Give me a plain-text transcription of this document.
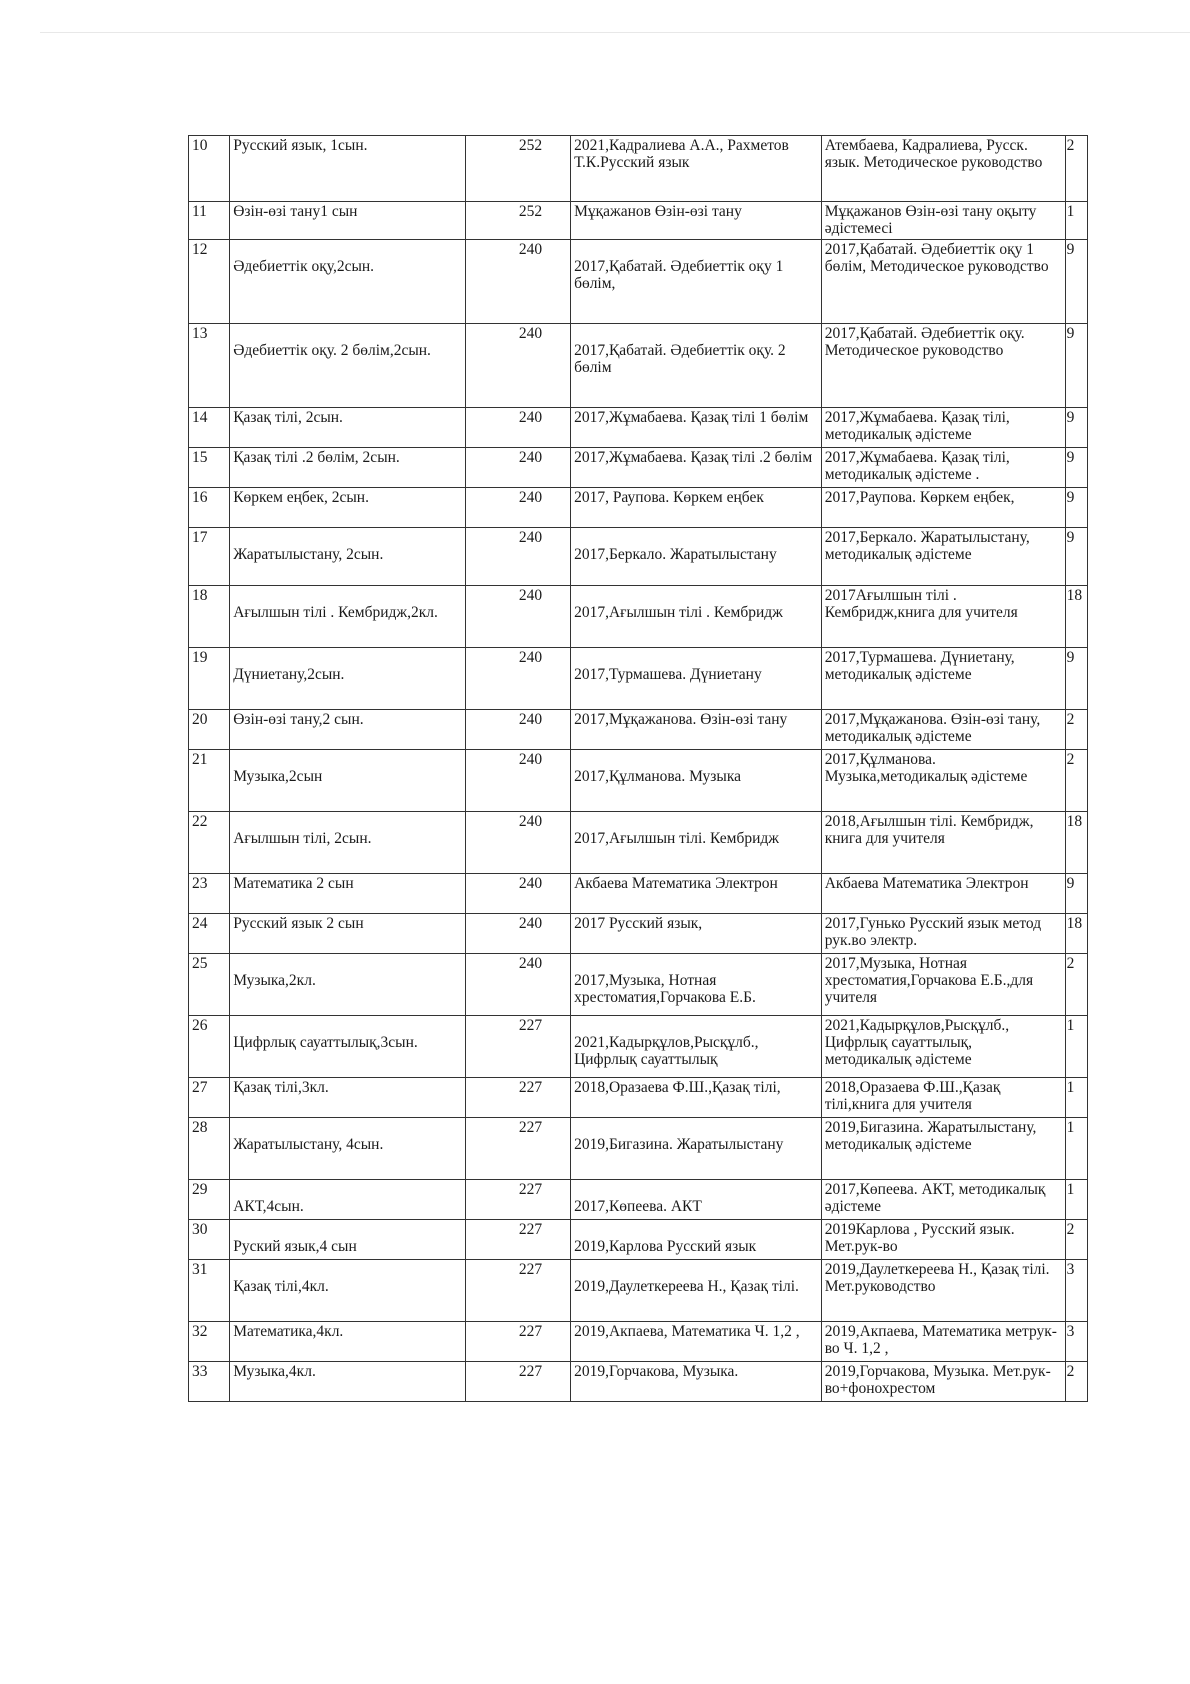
10	Русский язык, 1сын.	252	2021,Кадралиева А.А., Рахметов Т.К.Русский язык	Атембаева, Кадралиева, Русск. язык. Методическое руководство	2
11	Өзін-өзі тану1 сын	252	Мұқажанов Өзін-өзі тану	Мұқажанов Өзін-өзі тану оқыту әдістемесі	1
12	Әдебиеттік оқу,2сын.	240	2017,Қабатай. Әдебиеттік оқу 1 бөлім,	2017,Қабатай. Әдебиеттік оқу 1 бөлім, Методическое руководство	9
13	Әдебиеттік оқу. 2 бөлім,2сын.	240	2017,Қабатай. Әдебиеттік оқу. 2 бөлім	2017,Қабатай. Әдебиеттік оқу. Методическое руководство	9
14	Қазақ тілі, 2сын.	240	2017,Жұмабаева. Қазақ тілі 1 бөлім	2017,Жұмабаева. Қазақ тілі, методикалық әдістеме	9
15	Қазақ тілі .2 бөлім, 2сын.	240	2017,Жұмабаева. Қазақ тілі .2 бөлім	2017,Жұмабаева. Қазақ тілі, методикалық әдістеме .	9
16	Көркем еңбек, 2сын.	240	2017, Раупова. Көркем еңбек	2017,Раупова. Көркем еңбек,	9
17	Жаратылыстану, 2сын.	240	2017,Беркало. Жаратылыстану	2017,Беркало. Жаратылыстану, методикалық әдістеме	9
18	Ағылшын тілі . Кембридж,2кл.	240	2017,Ағылшын тілі . Кембридж	2017Ағылшын тілі . Кембридж,книга для учителя	18
19	Дүниетану,2сын.	240	2017,Турмашева. Дүниетану	2017,Турмашева. Дүниетану, методикалық әдістеме	9
20	Өзін-өзі тану,2 сын.	240	2017,Мұқажанова. Өзін-өзі тану	2017,Мұқажанова. Өзін-өзі тану, методикалық әдістеме	2
21	Музыка,2сын	240	2017,Құлманова. Музыка	2017,Құлманова. Музыка,методикалық әдістеме	2
22	Ағылшын тілі, 2сын.	240	2017,Ағылшын тілі. Кембридж	2018,Ағылшын тілі. Кембридж, книга для учителя	18
23	Математика 2 сын	240	Акбаева Математика Электрон	Акбаева Математика Электрон	9
24	Русский язык 2 сын	240	2017 Русский язык,	2017,Гунько Русский язык метод рук.во электр.	18
25	Музыка,2кл.	240	2017,Музыка, Нотная хрестоматия,Горчакова Е.Б.	2017,Музыка, Нотная хрестоматия,Горчакова Е.Б.,для учителя	2
26	Цифрлық сауаттылық,3сын.	227	2021,Кадырқұлов,Рысқұлб., Цифрлық сауаттылық	2021,Кадырқұлов,Рысқұлб., Цифрлық сауаттылық, методикалық әдістеме	1
27	Қазақ тілі,3кл.	227	2018,Оразаева Ф.Ш.,Қазақ тілі,	2018,Оразаева Ф.Ш.,Қазақ тілі,книга для учителя	1
28	Жаратылыстану, 4сын.	227	2019,Бигазина. Жаратылыстану	2019,Бигазина. Жаратылыстану, методикалық әдістеме	1
29	АКТ,4сын.	227	2017,Көпеева. АКТ	2017,Көпеева. АКТ, методикалық әдістеме	1
30	Руский язык,4 сын	227	2019,Карлова Русский язык	2019Карлова , Русский язык. Мет.рук-во	2
31	Қазақ тілі,4кл.	227	2019,Даулеткереева Н., Қазақ тілі.	2019,Даулеткереева Н., Қазақ тілі. Мет.руководство	3
32	Математика,4кл.	227	2019,Акпаева, Математика Ч. 1,2 ,	2019,Акпаева, Математика метрук-во Ч. 1,2 ,	3
33	Музыка,4кл.	227	2019,Горчакова, Музыка.	2019,Горчакова, Музыка. Мет.рук-во+фонохрестом	2
